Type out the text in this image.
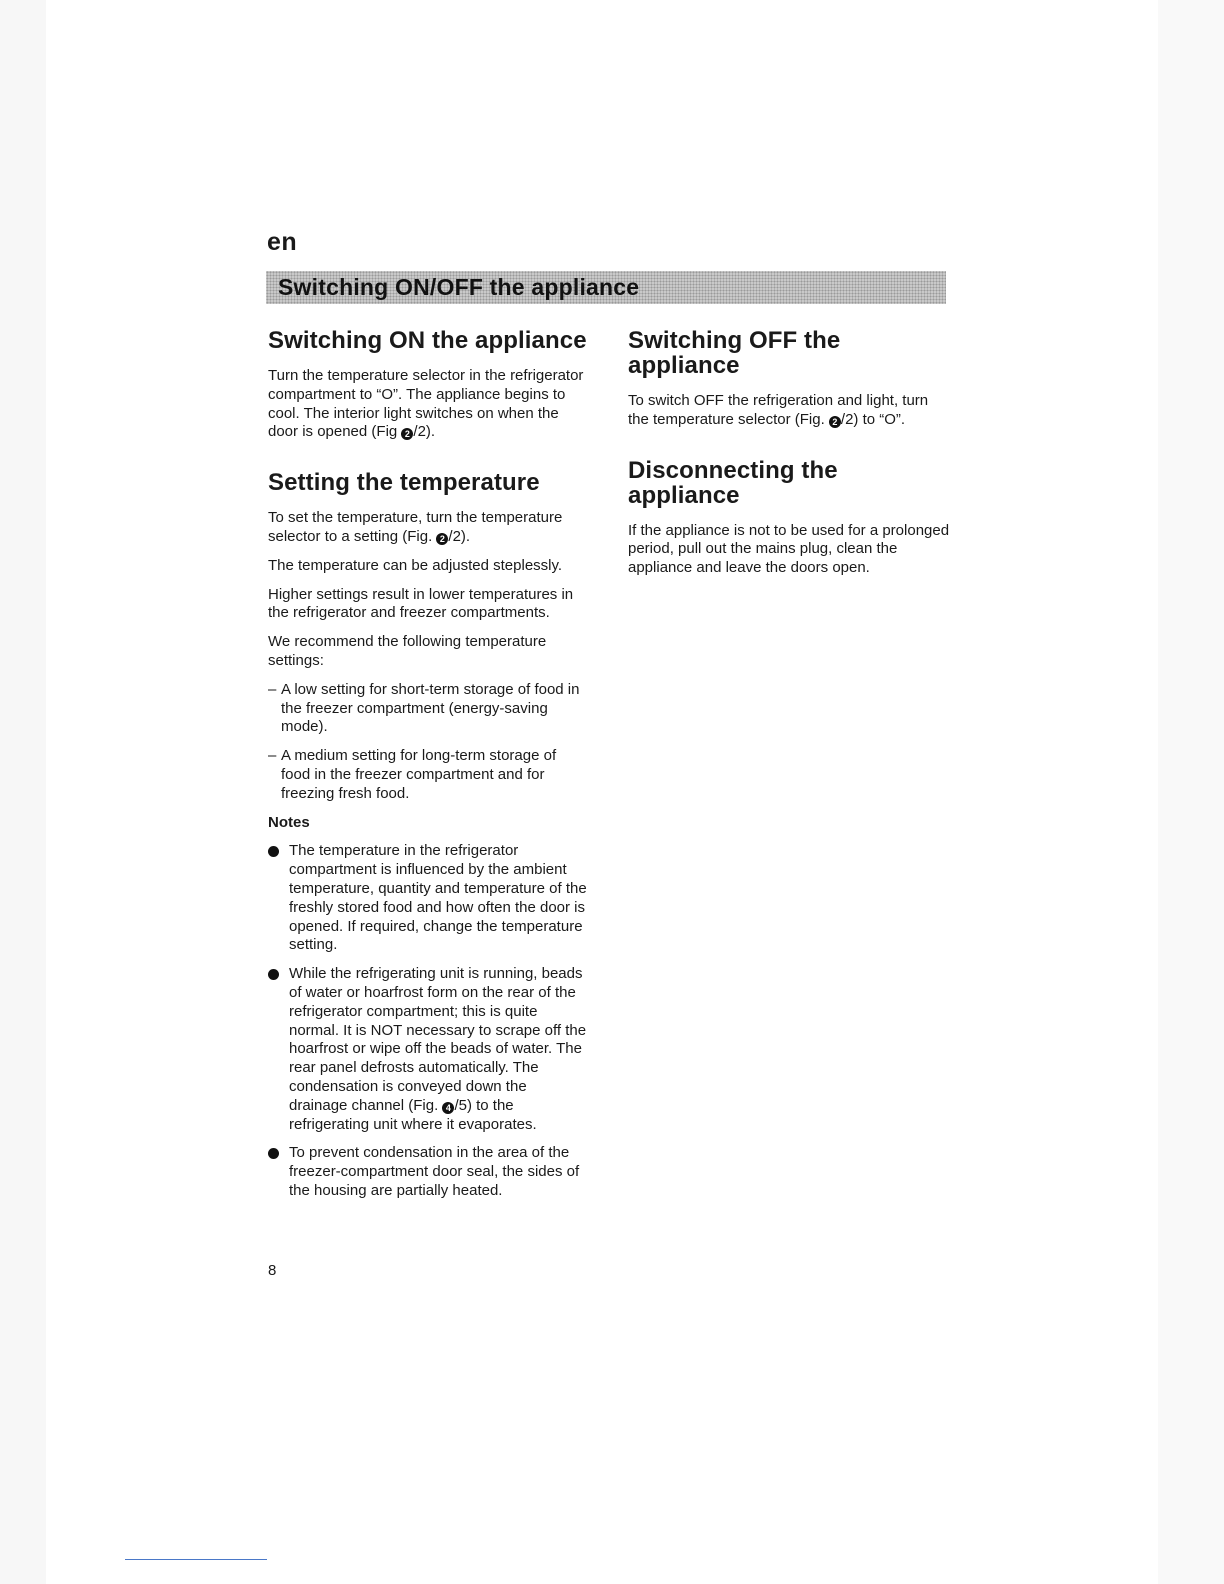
en
Switching ON/OFF the appliance
Switching ON the appliance

Turn the temperature selector in the refrigerator compartment to “O”. The appliance begins to cool. The interior light switches on when the door is opened (Fig 2 /2).

Setting the temperature

To set the temperature, turn the temperature selector to a setting (Fig. 2 /2).

The temperature can be adjusted steplessly.

Higher settings result in lower temperatures in the refrigerator and freezer compartments.

We recommend the following temperature settings:

– A low setting for short-term storage of food in the freezer compartment (energy-saving mode).
– A medium setting for long-term storage of food in the freezer compartment and for freezing fresh food.
Notes
The temperature in the refrigerator compartment is influenced by the ambient temperature, quantity and temperature of the freshly stored food and how often the door is opened. If required, change the temperature setting.
While the refrigerating unit is running, beads of water or hoarfrost form on the rear of the refrigerator compartment; this is quite normal. It is NOT necessary to scrape off the hoarfrost or wipe off the beads of water. The rear panel defrosts automatically. The condensation is conveyed down the drainage channel (Fig. 4 /5) to the refrigerating unit where it evaporates.
To prevent condensation in the area of the freezer-compartment door seal, the sides of the housing are partially heated.
Switching OFF the appliance

To switch OFF the refrigeration and light, turn the temperature selector (Fig. 2 /2) to “O”.

Disconnecting the appliance

If the appliance is not to be used for a prolonged period, pull out the mains plug, clean the appliance and leave the doors open.

8
